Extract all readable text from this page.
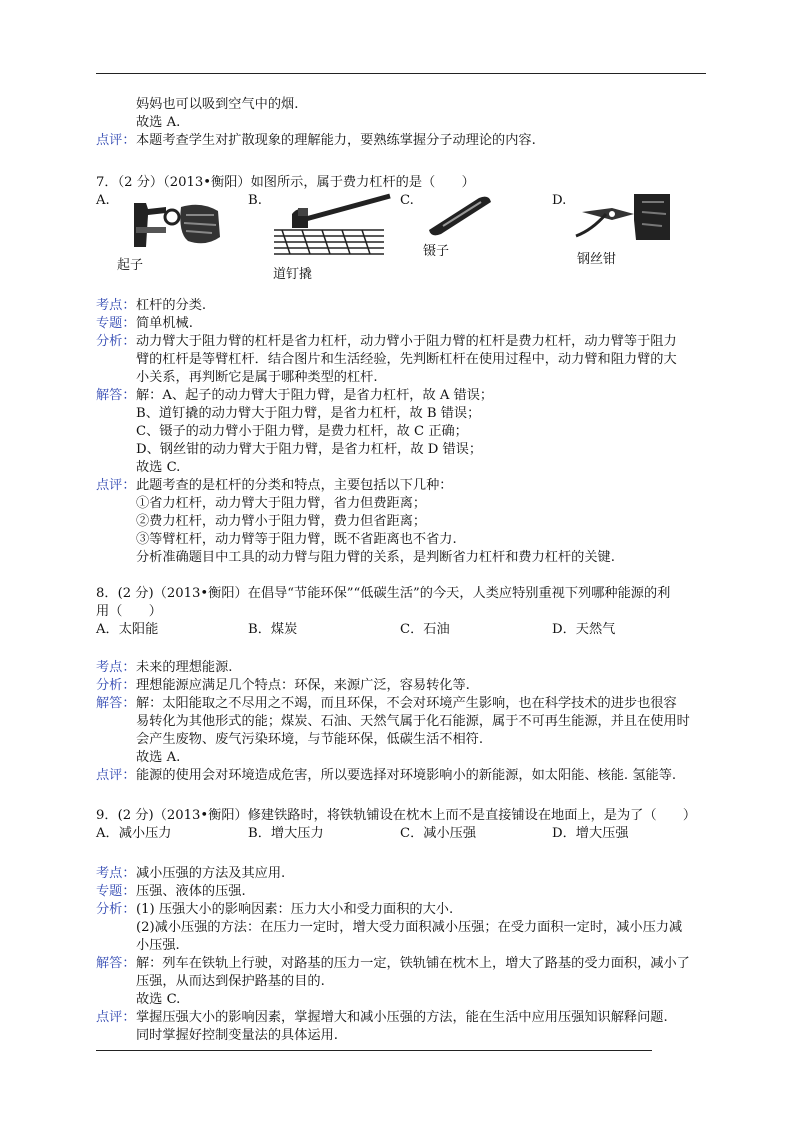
妈妈也可以吸到空气中的烟.
故选 A.
点评： 本题考查学生对扩散现象的理解能力，要熟练掌握分子动理论的内容.
7．（2 分）（2013•衡阳）如图所示，属于费力杠杆的是（　　）
A.	B.	C.	D.
起子
道钉撬
镊子
钢丝钳
考点： 杠杆的分类.
专题： 简单机械.
分析： 动力臂大于阻力臂的杠杆是省力杠杆，动力臂小于阻力臂的杠杆是费力杠杆，动力臂等于阻力
臂的杠杆是等臂杠杆．结合图片和生活经验，先判断杠杆在使用过程中，动力臂和阻力臂的大
小关系，再判断它是属于哪种类型的杠杆.
解答： 解：A、起子的动力臂大于阻力臂，是省力杠杆，故 A 错误；
B、道钉撬的动力臂大于阻力臂，是省力杠杆，故 B 错误；
C、镊子的动力臂小于阻力臂，是费力杠杆，故 C 正确；
D、钢丝钳的动力臂大于阻力臂，是省力杠杆，故 D 错误；
故选 C.
点评： 此题考查的是杠杆的分类和特点，主要包括以下几种：
①省力杠杆，动力臂大于阻力臂，省力但费距离；
②费力杠杆，动力臂小于阻力臂，费力但省距离；
③等臂杠杆，动力臂等于阻力臂，既不省距离也不省力.
分析准确题目中工具的动力臂与阻力臂的关系，是判断省力杠杆和费力杠杆的关键.
8．(2 分)（2013•衡阳）在倡导“节能环保”“低碳生活”的今天，人类应特别重视下列哪种能源的利
用（　　）
A．太阳能	B．煤炭	C．石油	D．天然气
考点： 未来的理想能源.
分析： 理想能源应满足几个特点：环保，来源广泛，容易转化等.
解答： 解：太阳能取之不尽用之不竭，而且环保，不会对环境产生影响，也在科学技术的进步也很容
易转化为其他形式的能；煤炭、石油、天然气属于化石能源，属于不可再生能源，并且在使用时
会产生废物、废气污染环境，与节能环保，低碳生活不相符.
故选 A.
点评： 能源的使用会对环境造成危害，所以要选择对环境影响小的新能源，如太阳能、核能. 氢能等.
9．(2 分)（2013•衡阳）修建铁路时，将铁轨铺设在枕木上而不是直接铺设在地面上，是为了（　　）
A．减小压力	B．增大压力	C．减小压强	D．增大压强
考点： 减小压强的方法及其应用.
专题： 压强、液体的压强.
分析： (1) 压强大小的影响因素：压力大小和受力面积的大小.
(2)减小压强的方法：在压力一定时，增大受力面积减小压强；在受力面积一定时，减小压力减
小压强.
解答： 解：列车在铁轨上行驶，对路基的压力一定，铁轨铺在枕木上，增大了路基的受力面积，减小了
压强，从而达到保护路基的目的.
故选 C.
点评： 掌握压强大小的影响因素，掌握增大和减小压强的方法，能在生活中应用压强知识解释问题.
同时掌握好控制变量法的具体运用.
